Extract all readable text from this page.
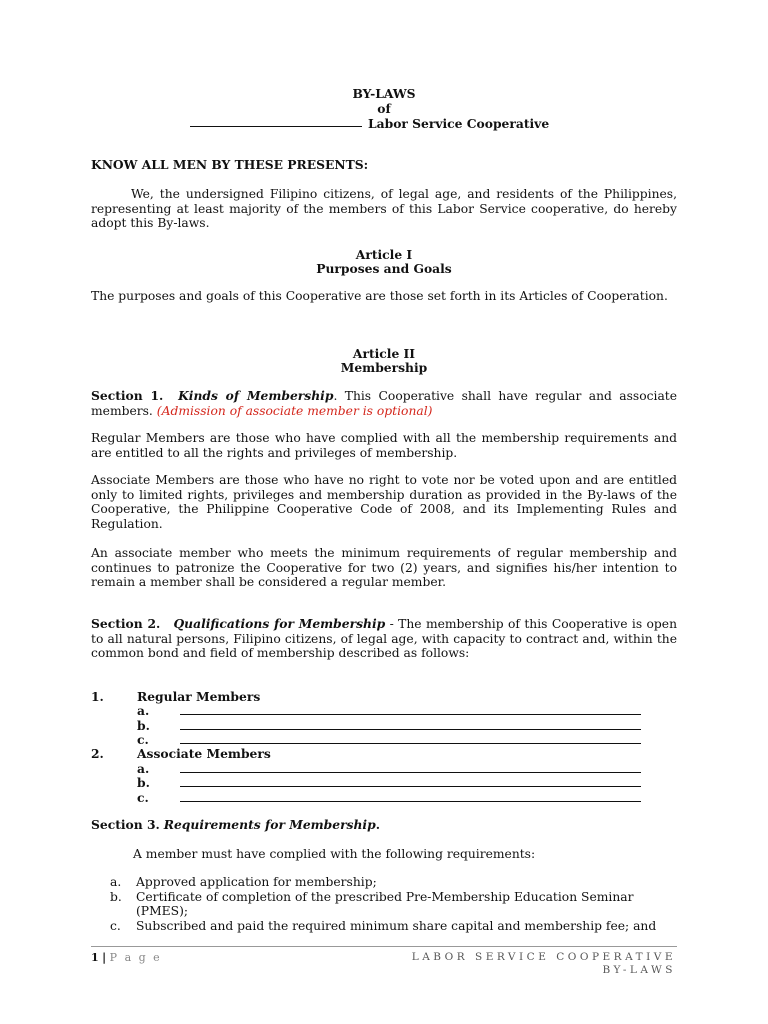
BY-LAWS
of
Labor Service Cooperative
KNOW ALL MEN BY THESE PRESENTS:
We, the undersigned Filipino citizens, of legal age, and residents of the Philippines, representing at least majority of the members of this Labor Service cooperative, do hereby adopt this By-laws.
Article I
Purposes and Goals
The purposes and goals of this Cooperative are those set forth in its Articles of Cooperation.
Article II
Membership
Section 1. Kinds of Membership. This Cooperative shall have regular and associate members. (Admission of associate member is optional)
Regular Members are those who have complied with all the membership requirements and are entitled to all the rights and privileges of membership.
Associate Members are those who have no right to vote nor be voted upon and are entitled only to limited rights, privileges and membership duration as provided in the By-laws of the Cooperative, the Philippine Cooperative Code of 2008, and its Implementing Rules and Regulation.
An associate member who meets the minimum requirements of regular membership and continues to patronize the Cooperative for two (2) years, and signifies his/her intention to remain a member shall be considered a regular member.
Section 2. Qualifications for Membership - The membership of this Cooperative is open to all natural persons, Filipino citizens, of legal age, with capacity to contract and, within the common bond and field of membership described as follows:
1.	Regular Members
a.
b.
c.
2.	Associate Members
a.
b.
c.
Section 3. Requirements for Membership.
A member must have complied with the following requirements:
a. Approved application for membership;
b. Certificate of completion of the prescribed Pre-Membership Education Seminar (PMES);
c. Subscribed and paid the required minimum share capital and membership fee; and
1 | P a g e	LABOR SERVICE COOPERATIVE
BY-LAWS
